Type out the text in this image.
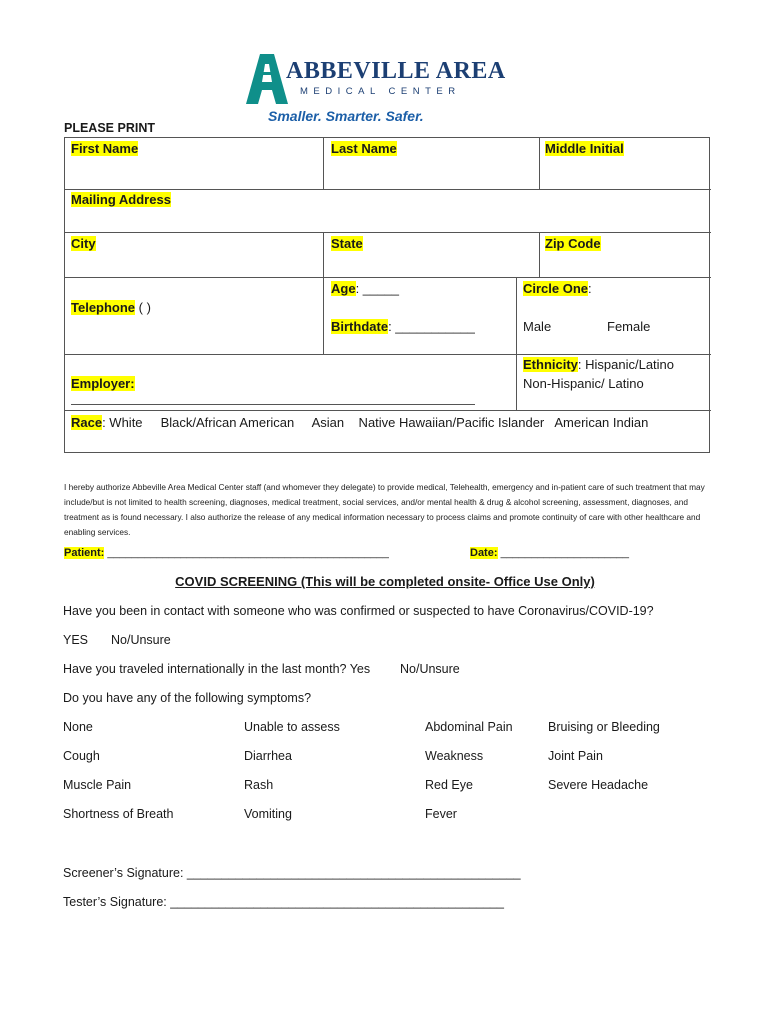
ABBEVILLE AREA
MEDICAL CENTER
Smaller. Smarter. Safer.
PLEASE PRINT
First Name	Last Name	Middle Initial
Mailing Address
City	State	Zip Code
Telephone ( )
Age: _____
Birthdate: ___________
Circle One:
Male	Female
Ethnicity: Hispanic/Latino
Non-Hispanic/ Latino
Employer:
Race: White     Black/African American     Asian    Native Hawaiian/Pacific Islander   American Indian
I hereby authorize Abbeville Area Medical Center staff (and whomever they delegate) to provide medical, Telehealth, emergency and in-patient care of such treatment that may include/but is not limited to health screening, diagnoses, medical treatment, social services, and/or mental health & drug & alcohol screening, assessment, diagnoses, and treatment as is found necessary. I also authorize the release of any medical information necessary to process claims and promote continuity of care with other healthcare and enabling services.
Patient: ______________________________________________	Date: _____________________
COVID SCREENING (This will be completed onsite- Office Use Only)
Have you been in contact with someone who was confirmed or suspected to have Coronavirus/COVID-19?
YES No/Unsure
Have you traveled internationally in the last month? Yes No/Unsure
Do you have any of the following symptoms?
None	Unable to assess	Abdominal Pain	Bruising or Bleeding
Cough	Diarrhea	Weakness	Joint Pain
Muscle Pain	Rash	Red Eye	Severe Headache
Shortness of Breath	Vomiting	Fever
Screener’s Signature: ________________________________________________
Tester’s Signature: ________________________________________________
